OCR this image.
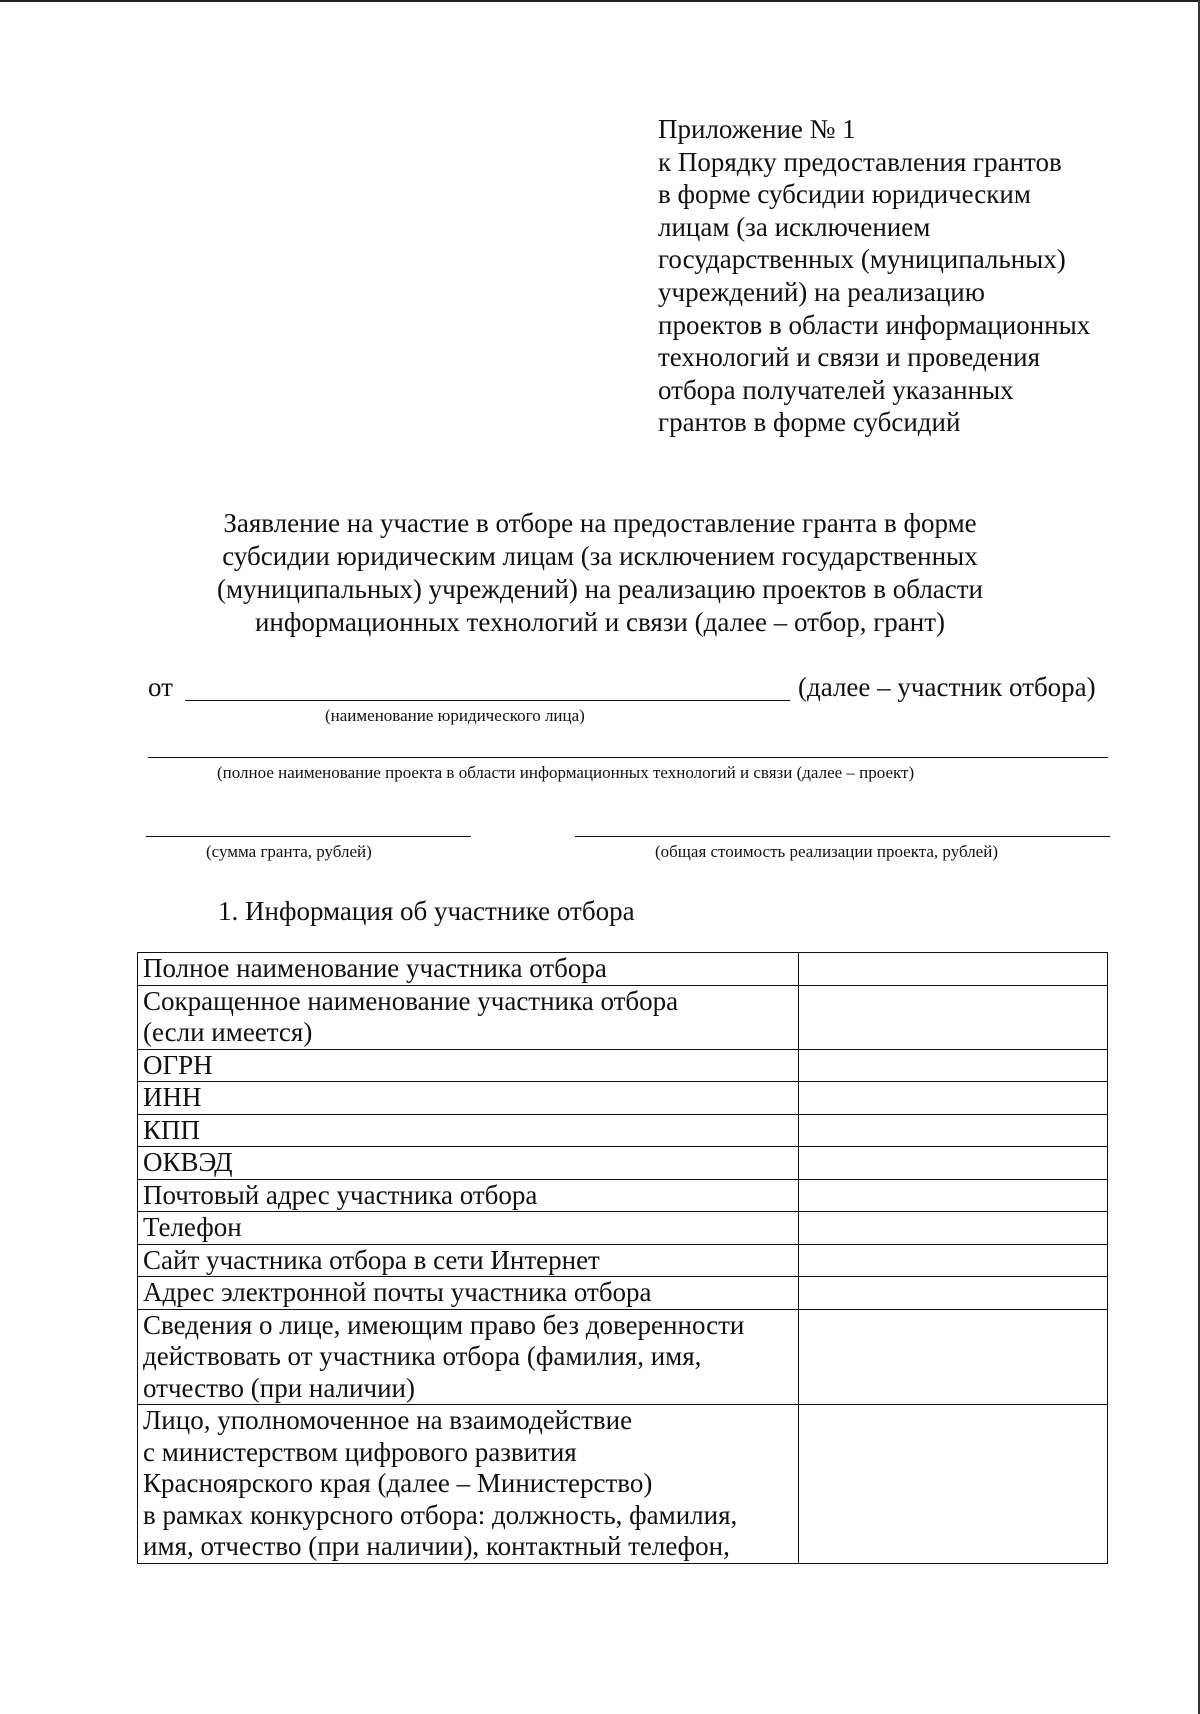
Приложение № 1
к Порядку предоставления грантов
в форме субсидии юридическим
лицам (за исключением
государственных (муниципальных)
учреждений) на реализацию
проектов в области информационных
технологий и связи и проведения
отбора получателей указанных
грантов в форме субсидий
Заявление на участие в отборе на предоставление гранта в форме
субсидии юридическим лицам (за исключением государственных
(муниципальных) учреждений) на реализацию проектов в области
информационных технологий и связи (далее – отбор, грант)
от	(далее – участник отбора)
(наименование юридического лица)
(полное наименование проекта в области информационных технологий и связи (далее – проект)
(сумма гранта, рублей)	(общая стоимость реализации проекта, рублей)
1. Информация об участнике отбора
Полное наименование участника отбора	

Сокращенное наименование участника отбора
(если имеется)	

ОГРН	

ИНН	

КПП	

ОКВЭД	

Почтовый адрес участника отбора	

Телефон	

Сайт участника отбора в сети Интернет	

Адрес электронной почты участника отбора	

Сведения о лице, имеющим право без доверенности
действовать от участника отбора (фамилия, имя,
отчество (при наличии)	

Лицо, уполномоченное на взаимодействие
с министерством цифрового развития
Красноярского края (далее – Министерство)
в рамках конкурсного отбора: должность, фамилия,
имя, отчество (при наличии), контактный телефон,	
